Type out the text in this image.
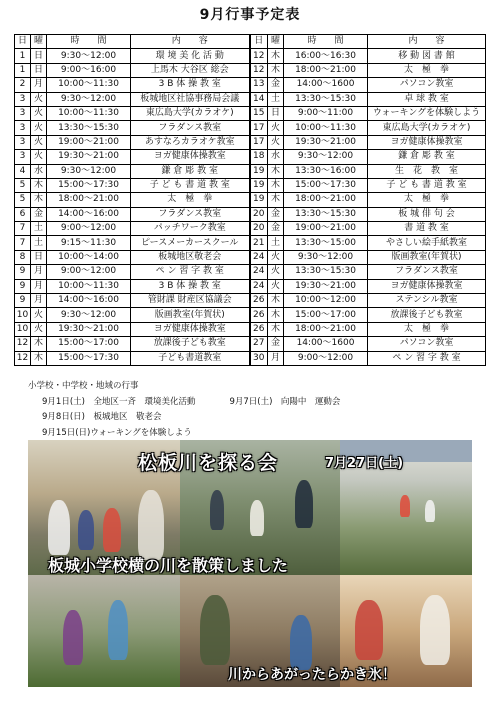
9月行事予定表
日	曜	時　　間	内　　容	日	曜	時　　間	内　　容
1	日	9:30〜12:00	環 境 美 化 活 動	12	木	16:00〜16:30	移 動 図 書 館
1	日	9:00〜16:00	上馬木 大谷区 総会	12	木	18:00〜21:00	太　極　拳
2	月	10:00〜11:30	3 B 体 操 教 室	13	金	14:00〜1600	パソコン教室
3	火	9:30〜12:00	板城地区社協事務局会議	14	土	13:30〜15:30	卓 球 教 室
3	火	10:00〜11:30	東広島大学(カラオケ)	15	日	9:00〜11:00	ウォーキングを体験しよう
3	火	13:30〜15:30	フラダンス教室	17	火	10:00〜11:30	東広島大学(カラオケ)
3	火	19:00〜21:00	あすなろカラオケ教室	17	火	19:30〜21:00	ヨガ健康体操教室
3	火	19:30〜21:00	ヨガ健康体操教室	18	水	9:30〜12:00	鎌 倉 彫 教 室
4	水	9:30〜12:00	鎌 倉 彫 教 室	19	木	13:30〜16:00	生　花　教　室
5	木	15:00〜17:30	子 ど も 書 道 教 室	19	木	15:00〜17:30	子 ど も 書 道 教 室
5	木	18:00〜21:00	太　極　拳	19	木	18:00〜21:00	太　極　拳
6	金	14:00〜16:00	フラダンス教室	20	金	13:30〜15:30	板 城 俳 句 会
7	土	9:00〜12:00	パッチワーク教室	20	金	19:00〜21:00	書 道 教 室
7	土	9:15〜11:30	ピースメーカースクール	21	土	13:30〜15:00	やさしい絵手紙教室
8	日	10:00〜14:00	板城地区敬老会	24	火	9:30〜12:00	版画教室(年賀状)
9	月	9:00〜12:00	ペ ン 習 字 教 室	24	火	13:30〜15:30	フラダンス教室
9	月	10:00〜11:30	3 B 体 操 教 室	24	火	19:30〜21:00	ヨガ健康体操教室
9	月	14:00〜16:00	管財課 財産区協議会	26	木	10:00〜12:00	ステンシル教室
10	火	9:30〜12:00	版画教室(年賀状)	26	木	15:00〜17:00	放課後子ども教室
10	火	19:30〜21:00	ヨガ健康体操教室	26	木	18:00〜21:00	太　極　拳
12	木	15:00〜17:00	放課後子ども教室	27	金	14:00〜1600	パソコン教室
12	木	15:00〜17:30	子ども書道教室	30	月	9:00〜12:00	ペ ン 習 字 教 室
小学校・中学校・地域の行事
9月1日(土)　全地区一斉　環境美化活動	9月7日(土)　向陽中　運動会
9月8日(日)　板城地区　敬老会
9月15日(日)ウォーキングを体験しよう
松板川を探る会	7月27日(土)
板城小学校横の川を散策しました
川からあがったらかき氷！
